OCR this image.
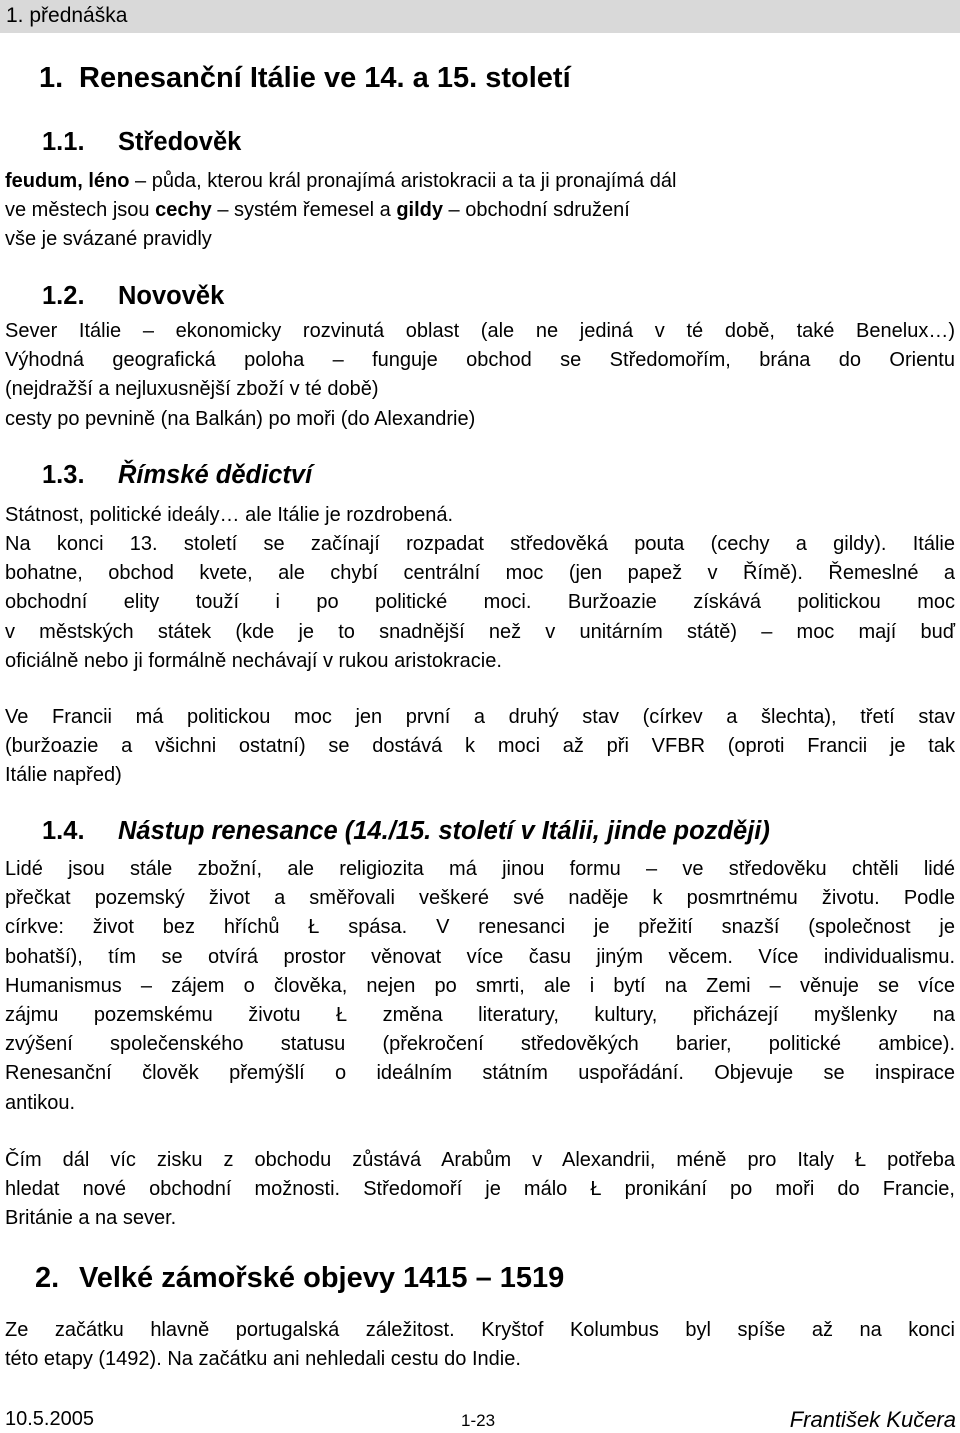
1. přednáška
1. Renesanční Itálie ve 14. a 15. století
1.1. Středověk
feudum, léno – půda, kterou král pronajímá aristokracii a ta ji pronajímá dál
ve městech jsou cechy – systém řemesel a gildy – obchodní sdružení
vše je svázané pravidly
1.2. Novověk
Sever Itálie – ekonomicky rozvinutá oblast (ale ne jediná v té době, také Benelux…)
Výhodná geografická poloha – funguje obchod se Středomořím, brána do Orientu
(nejdražší a nejluxusnější zboží v té době)
cesty po pevnině (na Balkán) po moři (do Alexandrie)
1.3. Římské dědictví
Státnost, politické ideály… ale Itálie je rozdrobená.
Na konci 13. století se začínají rozpadat středověká pouta (cechy a gildy). Itálie
bohatne, obchod kvete, ale chybí centrální moc (jen papež v Římě). Řemeslné a
obchodní elity touží i po politické moci. Buržoazie získává politickou moc
v městských státek (kde je to snadnější než v unitárním státě) – moc mají buď
oficiálně nebo ji formálně nechávají v rukou aristokracie.
Ve Francii má politickou moc jen první a druhý stav (církev a šlechta), třetí stav
(buržoazie a všichni ostatní) se dostává k moci až při VFBR (oproti Francii je tak
Itálie napřed)
1.4. Nástup renesance (14./15. století v Itálii, jinde později)
Lidé jsou stále zbožní, ale religiozita má jinou formu – ve středověku chtěli lidé
přečkat pozemský život a směřovali veškeré své naděje k posmrtnému životu. Podle
církve: život bez hříchů Ł spása. V renesanci je přežití snazší (společnost je
bohatší), tím se otvírá prostor věnovat více času jiným věcem. Více individualismu.
Humanismus – zájem o člověka, nejen po smrti, ale i bytí na Zemi – věnuje se více
zájmu pozemskému životu Ł změna literatury, kultury, přicházejí myšlenky na
zvýšení společenského statusu (překročení středověkých barier, politické ambice).
Renesanční člověk přemýšlí o ideálním státním uspořádání. Objevuje se inspirace
antikou.
Čím dál víc zisku z obchodu zůstává Arabům v Alexandrii, méně pro Italy Ł potřeba
hledat nové obchodní možnosti. Středomoří je málo Ł pronikání po moři do Francie,
Británie a na sever.
2. Velké zámořské objevy 1415 – 1519
Ze začátku hlavně portugalská záležitost. Kryštof Kolumbus byl spíše až na konci
této etapy (1492). Na začátku ani nehledali cestu do Indie.
10.5.2005	1-23	František Kučera
